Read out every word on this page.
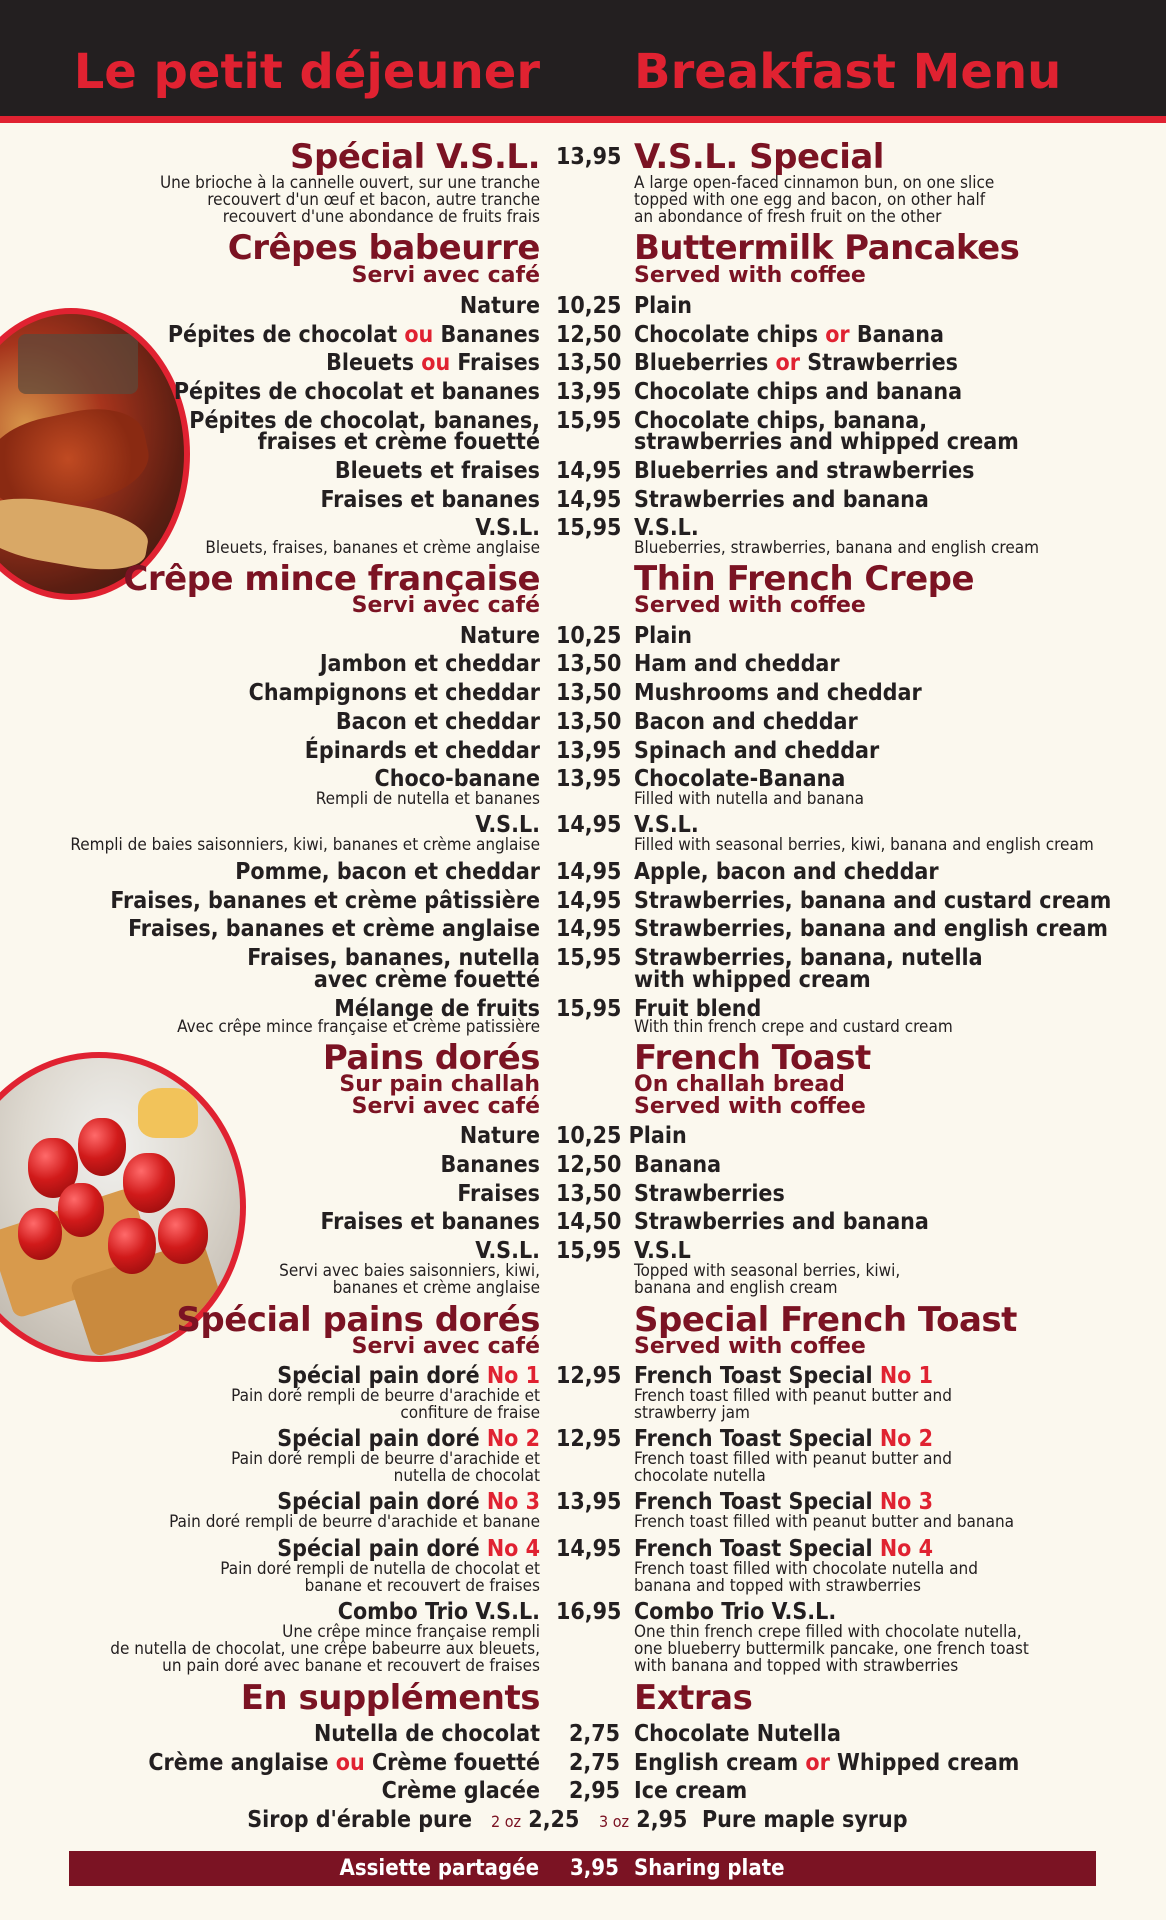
Le petit déjeuner Breakfast Menu
Spécial V.S.L. 13,95 V.S.L. Special
Une brioche à la cannelle ouvert, sur une tranche	A large open-faced cinnamon bun, on one slice
recouvert d'un œuf et bacon, autre tranche	topped with one egg and bacon, on other half
recouvert d'une abondance de fruits frais	an abondance of fresh fruit on the other
Crêpes babeurre	Buttermilk Pancakes
Servi avec café	Served with coffee
Nature 10,25 Plain
Pépites de chocolat ou Bananes 12,50 Chocolate chips or Banana
Bleuets ou Fraises 13,50 Blueberries or Strawberries
Pépites de chocolat et bananes 13,95 Chocolate chips and banana
Pépites de chocolat, bananes, 15,95 Chocolate chips, banana,
fraises et crème fouetté	strawberries and whipped cream
Bleuets et fraises 14,95 Blueberries and strawberries
Fraises et bananes 14,95 Strawberries and banana
V.S.L. 15,95 V.S.L.
Bleuets, fraises, bananes et crème anglaise	Blueberries, strawberries, banana and english cream
Crêpe mince française	Thin French Crepe
Servi avec café	Served with coffee
Nature 10,25 Plain
Jambon et cheddar 13,50 Ham and cheddar
Champignons et cheddar 13,50 Mushrooms and cheddar
Bacon et cheddar 13,50 Bacon and cheddar
Épinards et cheddar 13,95 Spinach and cheddar
Choco-banane 13,95 Chocolate-Banana
Rempli de nutella et bananes	Filled with nutella and banana
V.S.L. 14,95 V.S.L.
Rempli de baies saisonniers, kiwi, bananes et crème anglaise	Filled with seasonal berries, kiwi, banana and english cream
Pomme, bacon et cheddar 14,95 Apple, bacon and cheddar
Fraises, bananes et crème pâtissière 14,95 Strawberries, banana and custard cream
Fraises, bananes et crème anglaise 14,95 Strawberries, banana and english cream
Fraises, bananes, nutella 15,95 Strawberries, banana, nutella
avec crème fouetté	with whipped cream
Mélange de fruits 15,95 Fruit blend
Avec crêpe mince française et crème patissière	With thin french crepe and custard cream
Pains dorés	French Toast
Sur pain challah	On challah bread
Servi avec café	Served with coffee
Nature 10,25 Plain
Bananes 12,50 Banana
Fraises 13,50 Strawberries
Fraises et bananes 14,50 Strawberries and banana
V.S.L. 15,95 V.S.L
Servi avec baies saisonniers, kiwi,	Topped with seasonal berries, kiwi,
bananes et crème anglaise	banana and english cream
Spécial pains dorés	Special French Toast
Servi avec café	Served with coffee
Spécial pain doré No 1 12,95 French Toast Special No 1
Pain doré rempli de beurre d'arachide et	French toast filled with peanut butter and
confiture de fraise	strawberry jam
Spécial pain doré No 2 12,95 French Toast Special No 2
Pain doré rempli de beurre d'arachide et	French toast filled with peanut butter and
nutella de chocolat	chocolate nutella
Spécial pain doré No 3 13,95 French Toast Special No 3
Pain doré rempli de beurre d'arachide et banane	French toast filled with peanut butter and banana
Spécial pain doré No 4 14,95 French Toast Special No 4
Pain doré rempli de nutella de chocolat et	French toast filled with chocolate nutella and
banane et recouvert de fraises	banana and topped with strawberries
Combo Trio V.S.L. 16,95 Combo Trio V.S.L.
Une crêpe mince française rempli	One thin french crepe filled with chocolate nutella,
de nutella de chocolat, une crêpe babeurre aux bleuets,	one blueberry buttermilk pancake, one french toast
un pain doré avec banane et recouvert de fraises	with banana and topped with strawberries
En suppléments	Extras
Nutella de chocolat 2,75 Chocolate Nutella
Crème anglaise ou Crème fouetté 2,75 English cream or Whipped cream
Crème glacée 2,95 Ice cream
Sirop d'érable pure 2 oz 2,25 3 oz 2,95 Pure maple syrup
Assiette partagée 3,95 Sharing plate
